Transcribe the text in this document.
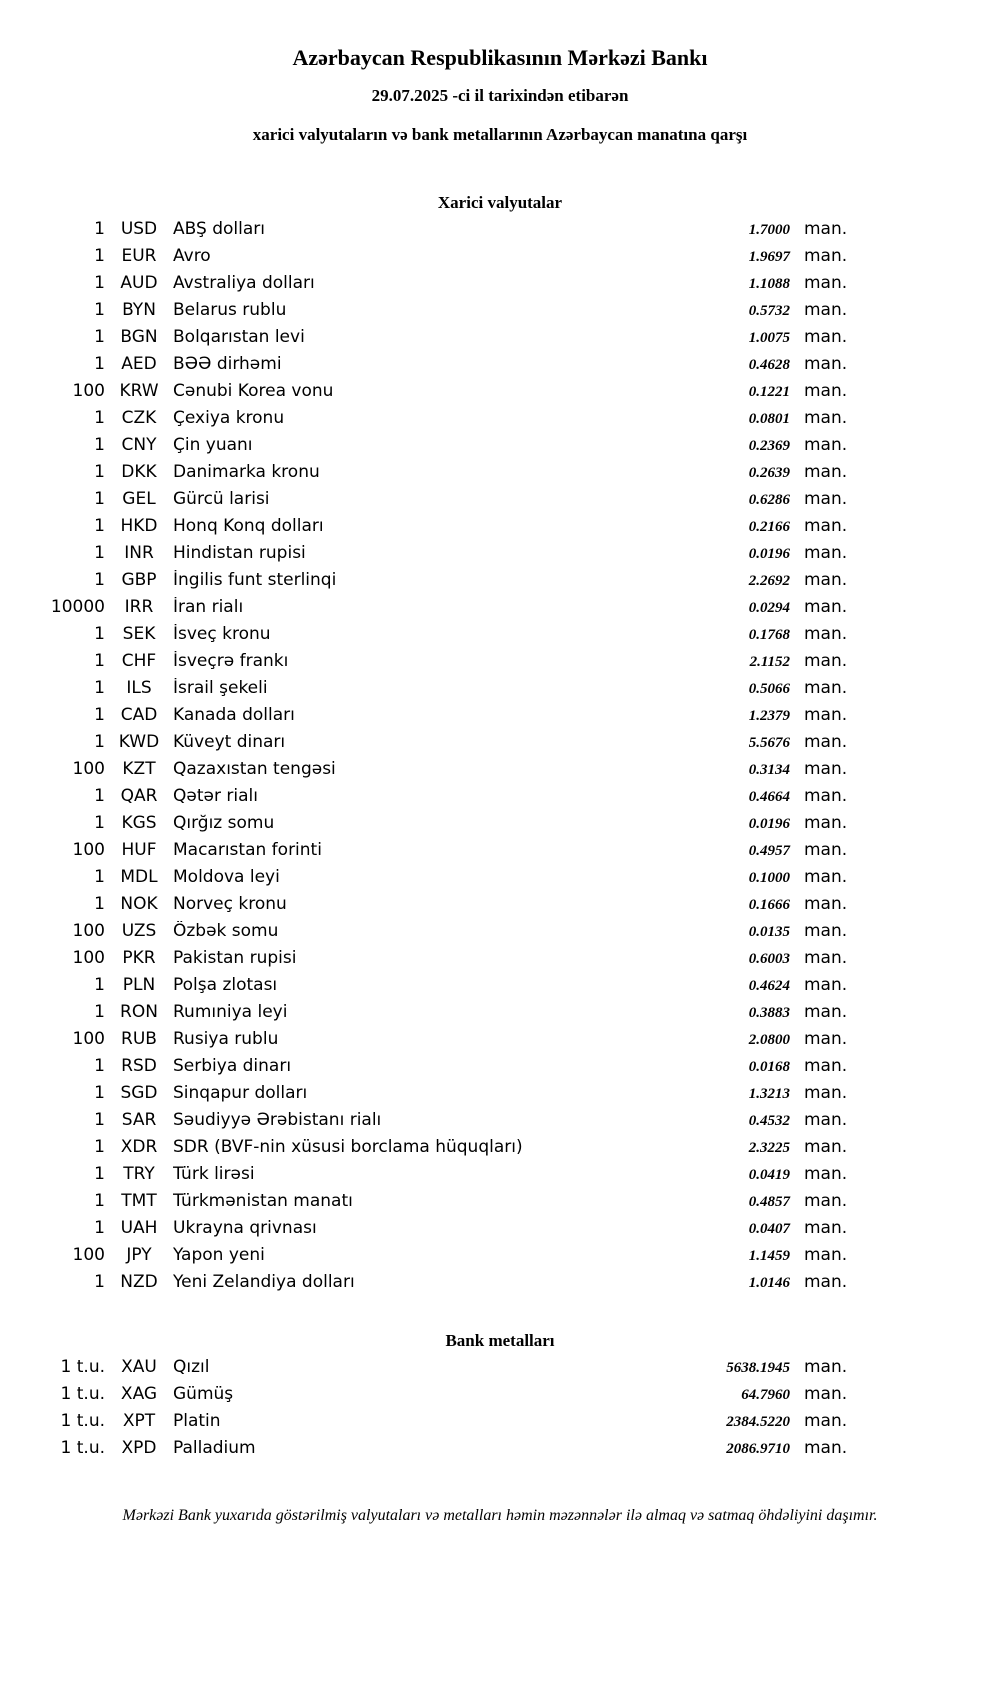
Azərbaycan Respublikasının Mərkəzi Bankı
29.07.2025 -ci il tarixindən etibarən
xarici valyutaların və bank metallarının Azərbaycan manatına qarşı
Xarici valyutalar
1 USD ABŞ dolları	1.7000 man.
1 EUR Avro	1.9697 man.
1 AUD Avstraliya dolları	1.1088 man.
1	BYN	Belarus rublu	0.5732 man.
1 BGN Bolqarıstan levi	1.0075 man.
1 AED BƏƏ dirhəmi	0.4628 man.
100 KRW Cənubi Korea vonu	0.1221 man.
1 CZK Çexiya kronu	0.0801 man.
1 CNY Çin yuanı	0.2369 man.
1 DKK Danimarka kronu	0.2639 man.
1	GEL	Gürcü larisi	0.6286 man.
1 HKD Honq Konq dolları	0.2166 man.
1	INR	Hindistan rupisi	0.0196 man.
1 GBP İngilis funt sterlinqi	2.2692 man.
10000	IRR	İran rialı	0.0294 man.
1	SEK	İsveç kronu	0.1768 man.
1 CHF İsveçrə frankı	2.1152 man.
1	ILS	İsrail şekeli	0.5066 man.
1 CAD Kanada dolları	1.2379 man.
1 KWD Küveyt dinarı	5.5676 man.
100	KZT	Qazaxıstan tengəsi	0.3134 man.
1 QAR Qətər rialı	0.4664 man.
1 KGS Qırğız somu	0.0196 man.
100 HUF Macarıstan forinti	0.4957 man.
1 MDL Moldova leyi	0.1000 man.
1 NOK Norveç kronu	0.1666 man.
100 UZS Özbək somu	0.0135 man.
100	PKR	Pakistan rupisi	0.6003 man.
1	PLN	Polşa zlotası	0.4624 man.
1 RON Rumıniya leyi	0.3883 man.
100 RUB Rusiya rublu	2.0800 man.
1 RSD Serbiya dinarı	0.0168 man.
1 SGD Sinqapur dolları	1.3213 man.
1 SAR Səudiyyə Ərəbistanı rialı	0.4532 man.
1 XDR SDR (BVF-nin xüsusi borclama hüquqları)	2.3225 man.
1	TRY	Türk lirəsi	0.0419 man.
1 TMT Türkmənistan manatı	0.4857 man.
1 UAH Ukrayna qrivnası	0.0407 man.
100	JPY	Yapon yeni	1.1459 man.
1 NZD Yeni Zelandiya dolları	1.0146 man.
Bank metalları
1 t.u. XAU Qızıl	5638.1945 man.
1 t.u. XAG Gümüş	64.7960 man.
1 t.u.	XPT	Platin	2384.5220 man.
1 t.u. XPD Palladium	2086.9710 man.
Mərkəzi Bank yuxarıda göstərilmiş valyutaları və metalları həmin məzənnələr ilə almaq və satmaq öhdəliyini daşımır.
